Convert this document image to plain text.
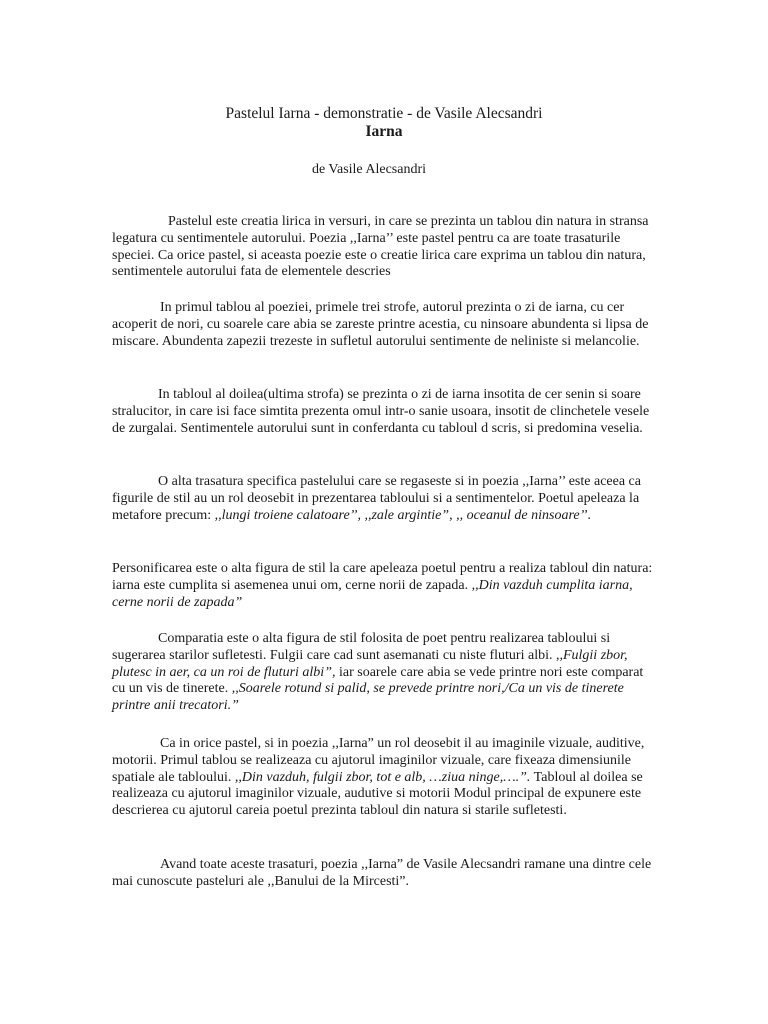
Pastelul Iarna - demonstratie - de Vasile Alecsandri
Iarna

de Vasile Alecsandri

Pastelul este creatia lirica in versuri, in care se prezinta un tablou din natura in stransa legatura cu sentimentele autorului. Poezia ,,Iarna’’ este pastel pentru ca are toate trasaturile speciei. Ca orice pastel, si aceasta poezie este o creatie lirica care exprima un tablou din natura, sentimentele autorului fata de elementele descries

In primul tablou al poeziei, primele trei strofe, autorul prezinta o zi de iarna, cu cer acoperit de nori, cu soarele care abia se zareste printre acestia, cu ninsoare abundenta si lipsa de miscare. Abundenta zapezii trezeste in sufletul autorului sentimente de neliniste si melancolie.

In tabloul al doilea(ultima strofa) se prezinta o zi de iarna insotita de cer senin si soare stralucitor, in care isi face simtita prezenta omul intr-o sanie usoara, insotit de clinchetele vesele de zurgalai. Sentimentele autorului sunt in conferdanta cu tabloul d scris, si predomina veselia.

O alta trasatura specifica pastelului care se regaseste si in poezia ,,Iarna’’ este aceea ca figurile de stil au un rol deosebit in prezentarea tabloului si a sentimentelor. Poetul apeleaza la metafore precum: ,,lungi troiene calatoare’’, ,,zale argintie”, ,, oceanul de ninsoare’’.

Personificarea este o alta figura de stil la care apeleaza poetul pentru a realiza tabloul din natura: iarna este cumplita si asemenea unui om, cerne norii de zapada. ,,Din vazduh cumplita iarna, cerne norii de zapada”

Comparatia este o alta figura de stil folosita de poet pentru realizarea tabloului si sugerarea starilor sufletesti. Fulgii care cad sunt asemanati cu niste fluturi albi. ,,Fulgii zbor, plutesc in aer, ca un roi de fluturi albi”, iar soarele care abia se vede printre nori este comparat cu un vis de tinerete. ,,Soarele rotund si palid, se prevede printre nori,/Ca un vis de tinerete printre anii trecatori.”

Ca in orice pastel, si in poezia ,,Iarna” un rol deosebit il au imaginile vizuale, auditive, motorii. Primul tablou se realizeaza cu ajutorul imaginilor vizuale, care fixeaza dimensiunile spatiale ale tabloului. ,,Din vazduh, fulgii zbor, tot e alb, …ziua ninge,….”. Tabloul al doilea se realizeaza cu ajutorul imaginilor vizuale, audutive si motorii Modul principal de expunere este descrierea cu ajutorul careia poetul prezinta tabloul din natura si starile sufletesti.

Avand toate aceste trasaturi, poezia ,,Iarna” de Vasile Alecsandri ramane una dintre cele mai cunoscute pasteluri ale ,,Banului de la Mircesti”.
